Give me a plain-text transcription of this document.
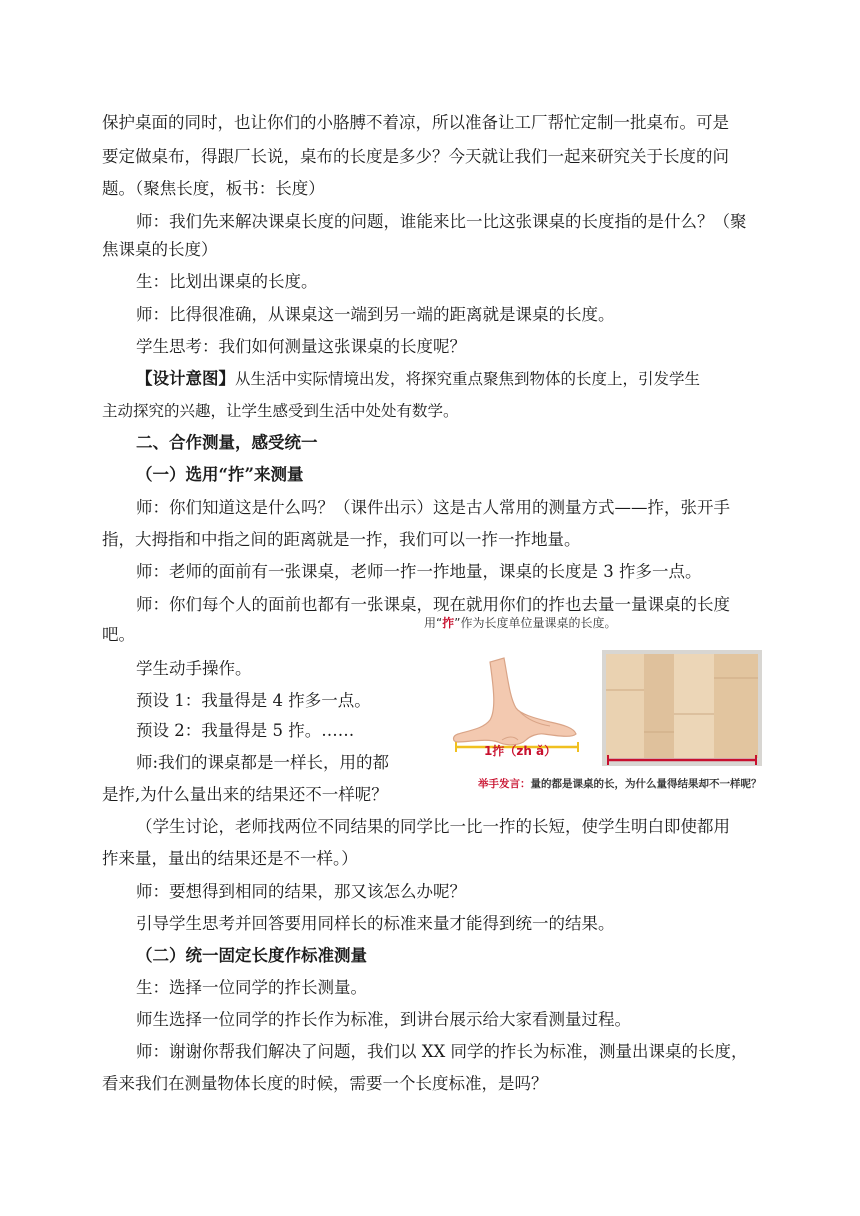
保护桌面的同时，也让你们的小胳膊不着凉，所以准备让工厂帮忙定制一批桌布。可是
要定做桌布，得跟厂长说，桌布的长度是多少？今天就让我们一起来研究关于长度的问
题。（聚焦长度，板书：长度）
师：我们先来解决课桌长度的问题，谁能来比一比这张课桌的长度指的是什么？（聚
焦课桌的长度）
生：比划出课桌的长度。
师：比得很准确，从课桌这一端到另一端的距离就是课桌的长度。
学生思考：我们如何测量这张课桌的长度呢？
【设计意图】从生活中实际情境出发，将探究重点聚焦到物体的长度上，引发学生
主动探究的兴趣，让学生感受到生活中处处有数学。
二、合作测量，感受统一
（一）选用“拃”来测量
师：你们知道这是什么吗？（课件出示）这是古人常用的测量方式——拃，张开手
指，大拇指和中指之间的距离就是一拃，我们可以一拃一拃地量。
师：老师的面前有一张课桌，老师一拃一拃地量，课桌的长度是 3 拃多一点。
师：你们每个人的面前也都有一张课桌，现在就用你们的拃也去量一量课桌的长度
吧。
学生动手操作。
预设 1：我量得是 4 拃多一点。
预设 2：我量得是 5 拃。……
师:我们的课桌都是一样长，用的都
是拃,为什么量出来的结果还不一样呢？
（学生讨论，老师找两位不同结果的同学比一比一拃的长短，使学生明白即使都用
拃来量，量出的结果还是不一样。）
师：要想得到相同的结果，那又该怎么办呢？
引导学生思考并回答要用同样长的标准来量才能得到统一的结果。
（二）统一固定长度作标准测量
生：选择一位同学的拃长测量。
师生选择一位同学的拃长作为标准，到讲台展示给大家看测量过程。
师：谢谢你帮我们解决了问题，我们以 XX 同学的拃长为标准，测量出课桌的长度，
看来我们在测量物体长度的时候，需要一个长度标准，是吗？
用“拃”作为长度单位量课桌的长度。
1拃（zh ǎ）
举手发言：量的都是课桌的长，为什么量得结果却不一样呢？
